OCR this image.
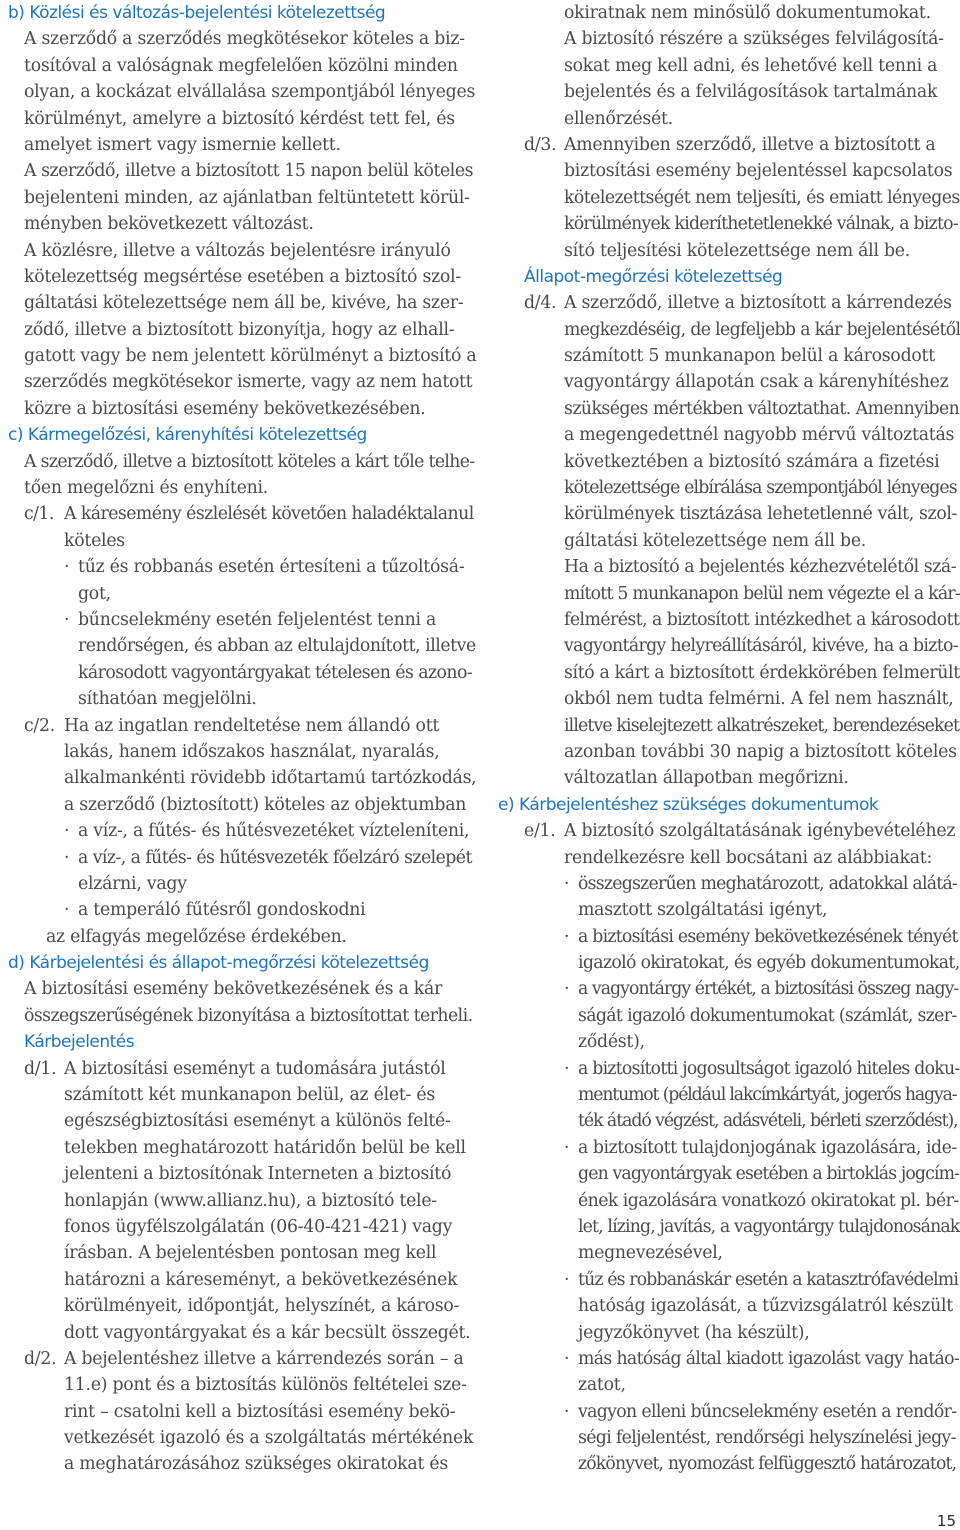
b) Közlési és változás-bejelentési kötelezettség
A szerződő a szerződés megkötésekor köteles a biz-
tosítóval a valóságnak megfelelően közölni minden
olyan, a kockázat elvállalása szempontjából lényeges
körülményt, amelyre a biztosító kérdést tett fel, és
amelyet ismert vagy ismernie kellett.
A szerződő, illetve a biztosított 15 napon belül köteles
bejelenteni minden, az ajánlatban feltüntetett körül-
ményben bekövetkezett változást.
A közlésre, illetve a változás bejelentésre irányuló
kötelezettség megsértése esetében a biztosító szol-
gáltatási kötelezettsége nem áll be, kivéve, ha szer-
ződő, illetve a biztosított bizonyítja, hogy az elhall-
gatott vagy be nem jelentett körülményt a biztosító a
szerződés megkötésekor ismerte, vagy az nem hatott
közre a biztosítási esemény bekövetkezésében.
c) Kármegelőzési, kárenyhítési kötelezettség
A szerződő, illetve a biztosított köteles a kárt tőle telhe-
tően megelőzni és enyhíteni.
c/1. A káresemény észlelését követően haladéktalanul
köteles
· tűz és robbanás esetén értesíteni a tűzoltósá-
got,
· bűncselekmény esetén feljelentést tenni a
rendőrségen, és abban az eltulajdonított, illetve
károsodott vagyontárgyakat tételesen és azono-
síthatóan megjelölni.
c/2. Ha az ingatlan rendeltetése nem állandó ott
lakás, hanem időszakos használat, nyaralás,
alkalmankénti rövidebb időtartamú tartózkodás,
a szerződő (biztosított) köteles az objektumban
· a víz-, a fűtés- és hűtésvezetéket vízteleníteni,
· a víz-, a fűtés- és hűtésvezeték főelzáró szelepét
elzárni, vagy
· a temperáló fűtésről gondoskodni
az elfagyás megelőzése érdekében.
d) Kárbejelentési és állapot-megőrzési kötelezettség
A biztosítási esemény bekövetkezésének és a kár
összegszerűségének bizonyítása a biztosítottat terheli.
Kárbejelentés
d/1. A biztosítási eseményt a tudomására jutástól
számított két munkanapon belül, az élet- és
egészségbiztosítási eseményt a különös felté-
telekben meghatározott határidőn belül be kell
jelenteni a biztosítónak Interneten a biztosító
honlapján (www.allianz.hu), a biztosító tele-
fonos ügyfélszolgálatán (06-40-421-421) vagy
írásban. A bejelentésben pontosan meg kell
határozni a káreseményt, a bekövetkezésének
körülményeit, időpontját, helyszínét, a károso-
dott vagyontárgyakat és a kár becsült összegét.
d/2. A bejelentéshez illetve a kárrendezés során – a
11.e) pont és a biztosítás különös feltételei sze-
rint – csatolni kell a biztosítási esemény bekö-
vetkezését igazoló és a szolgáltatás mértékének
a meghatározásához szükséges okiratokat és
okiratnak nem minősülő dokumentumokat.
A biztosító részére a szükséges felvilágosítá-
sokat meg kell adni, és lehetővé kell tenni a
bejelentés és a felvilágosítások tartalmának
ellenőrzését.
d/3. Amennyiben szerződő, illetve a biztosított a
biztosítási esemény bejelentéssel kapcsolatos
kötelezettségét nem teljesíti, és emiatt lényeges
körülmények kideríthetetlenekké válnak, a bizto-
sító teljesítési kötelezettsége nem áll be.
Állapot-megőrzési kötelezettség
d/4. A szerződő, illetve a biztosított a kárrendezés
megkezdéséig, de legfeljebb a kár bejelentésétől
számított 5 munkanapon belül a károsodott
vagyontárgy állapotán csak a kárenyhítéshez
szükséges mértékben változtathat. Amennyiben
a megengedettnél nagyobb mérvű változtatás
következtében a biztosító számára a fizetési
kötelezettsége elbírálása szempontjából lényeges
körülmények tisztázása lehetetlenné vált, szol-
gáltatási kötelezettsége nem áll be.
Ha a biztosító a bejelentés kézhezvételétől szá-
mított 5 munkanapon belül nem végezte el a kár-
felmérést, a biztosított intézkedhet a károsodott
vagyontárgy helyreállításáról, kivéve, ha a bizto-
sító a kárt a biztosított érdekkörében felmerült
okból nem tudta felmérni. A fel nem használt,
illetve kiselejtezett alkatrészeket, berendezéseket
azonban további 30 napig a biztosított köteles
változatlan állapotban megőrizni.
e) Kárbejelentéshez szükséges dokumentumok
e/1. A biztosító szolgáltatásának igénybevételéhez
rendelkezésre kell bocsátani az alábbiakat:
· összegszerűen meghatározott, adatokkal alátá-
masztott szolgáltatási igényt,
· a biztosítási esemény bekövetkezésének tényét
igazoló okiratokat, és egyéb dokumentumokat,
· a vagyontárgy értékét, a biztosítási összeg nagy-
ságát igazoló dokumentumokat (számlát, szer-
ződést),
· a biztosítotti jogosultságot igazoló hiteles doku-
mentumot (például lakcímkártyát, jogerős hagya-
ték átadó végzést, adásvételi, bérleti szerződést),
· a biztosított tulajdonjogának igazolására, ide-
gen vagyontárgyak esetében a birtoklás jogcím-
ének igazolására vonatkozó okiratokat pl. bér-
let, lízing, javítás, a vagyontárgy tulajdonosának
megnevezésével,
· tűz és robbanáskár esetén a katasztrófavédelmi
hatóság igazolását, a tűzvizsgálatról készült
jegyzőkönyvet (ha készült),
· más hatóság által kiadott igazolást vagy hatáo-
zatot,
· vagyon elleni bűncselekmény esetén a rendőr-
ségi feljelentést, rendőrségi helyszínelési jegy-
zőkönyvet, nyomozást felfüggesztő határozatot,
15
